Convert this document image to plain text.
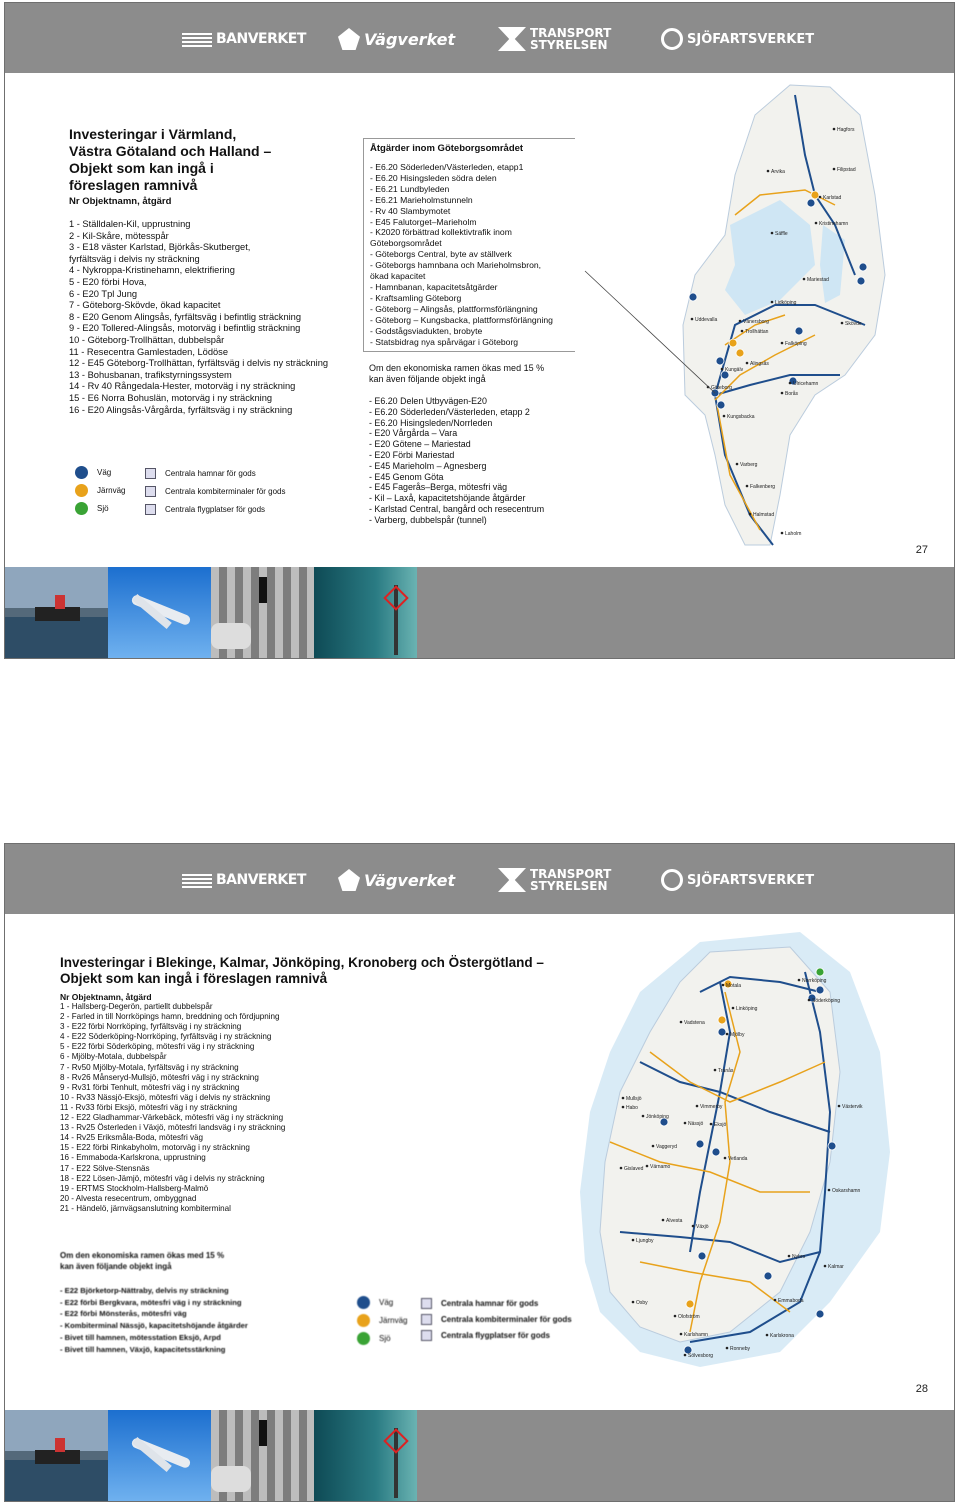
BANVERKET	Vägverket	TRANSPORT STYRELSEN	SJÖFARTSVERKET
Investeringar i Värmland,
Västra Götaland och Halland –
Objekt som kan ingå i
föreslagen ramnivå
Nr Objektnamn, åtgärd
1 - Ställdalen-Kil, upprustning
2 - Kil-Skåre, mötesspår
3 - E18 väster Karlstad, Björkås-Skutberget,
fyrfältsväg i delvis ny sträckning
4 - Nykroppa-Kristinehamn, elektrifiering
5 - E20 förbi Hova,
6 - E20 Tpl Jung
7 - Göteborg-Skövde, ökad kapacitet
8 - E20 Genom Alingsås, fyrfältsväg i befintlig sträckning
9 - E20 Tollered-Alingsås, motorväg i befintlig sträckning
10 - Göteborg-Trollhättan, dubbelspår
11 - Resecentra Gamlestaden, Lödöse
12 - E45 Göteborg-Trollhättan, fyrfältsväg i delvis ny sträckning
13 - Bohusbanan, trafikstyrningssystem
14 - Rv 40 Rångedala-Hester, motorväg i ny sträckning
15 - E6 Norra Bohuslän, motorväg i ny sträckning
16 - E20 Alingsås-Vårgårda, fyrfältsväg i ny sträckning
Åtgärder inom Göteborgsområdet
- E6.20 Söderleden/Västerleden, etapp1
- E6.20 Hisingsleden södra delen
- E6.21 Lundbyleden
- E6.21 Marieholmstunneln
- Rv 40 Slambymotet
- E45 Falutorget–Marieholm
- K2020 förbättrad kollektivtrafik inom
Göteborgsområdet
- Göteborgs Central, byte av ställverk
- Göteborgs hamnbana och Marieholmsbron,
ökad kapacitet
- Hamnbanan, kapacitetsåtgärder
- Kraftsamling Göteborg
- Göteborg – Alingsås, plattformsförlängning
- Göteborg – Kungsbacka, plattformsförlängning
- Godstågsviadukten, brobyte
- Statsbidrag nya spårvägar i Göteborg
Om den ekonomiska ramen ökas med 15 %
kan även följande objekt ingå
- E6.20 Delen Utbyvägen-E20
- E6.20 Söderleden/Västerleden, etapp 2
- E6.20 Hisingsleden/Norrleden
- E20 Vårgårda – Vara
- E20 Götene – Mariestad
- E20 Förbi Mariestad
- E45 Marieholm – Agnesberg
- E45 Genom Göta
- E45 Fagerås–Berga, mötesfri väg
- Kil – Laxå, kapacitetshöjande åtgärder
- Karlstad Central, bangård och resecentrum
- Varberg, dubbelspår (tunnel)
Väg
Järnväg
Sjö
Centrala hamnar för gods
Centrala kombiterminaler för gods
Centrala flygplatser för gods
Hagfors
Arvika	Filipstad
Karlstad
Kristinehamn
Säffle
Mariestad
Lidköping
Skövde
Uddevalla	Vänersborg
Trollhättan
Falköping
Alingsås
Borås
Kungälv
Göteborg
Ulricehamn
Kungsbacka
Varberg
Falkenberg
Halmstad
Laholm
27
BANVERKET	Vägverket	TRANSPORT STYRELSEN	SJÖFARTSVERKET
Investeringar i Blekinge, Kalmar, Jönköping, Kronoberg och Östergötland –
Objekt som kan ingå i föreslagen ramnivå
Nr Objektnamn, åtgärd
1 - Hallsberg-Degerön, partiellt dubbelspår
2 - Farled in till Norrköpings hamn, breddning och fördjupning
3 - E22 förbi Norrköping, fyrfältsväg i ny sträckning
4 - E22 Söderköping-Norrköping, fyrfältsväg i ny sträckning
5 - E22 förbi Söderköping, mötesfri väg i ny sträckning
6 - Mjölby-Motala, dubbelspår
7 - Rv50 Mjölby-Motala, fyrfältsväg i ny sträckning
8 - Rv26 Månseryd-Mullsjö, mötesfri väg i ny sträckning
9 - Rv31 förbi Tenhult, mötesfri väg i ny sträckning
10 - Rv33 Nässjö-Eksjö, mötesfri väg i delvis ny sträckning
11 - Rv33 förbi Eksjö, mötesfri väg i ny sträckning
12 - E22 Gladhammar-Värkebäck, mötesfri väg i ny sträckning
13 - Rv25 Österleden i Växjö, mötesfri landsväg i ny sträckning
14 - Rv25 Eriksmåla-Boda, mötesfri väg
15 - E22 förbi Rinkabyholm, motorväg i ny sträckning
16 - Emmaboda-Karlskrona, upprustning
17 - E22 Sölve-Stensnäs
18 - E22 Lösen-Jämjö, mötesfri väg i delvis ny sträckning
19 - ERTMS Stockholm-Hallsberg-Malmö
20 - Alvesta resecentrum, ombyggnad
21 - Händelö, järnvägsanslutning kombiterminal
Om den ekonomiska ramen ökas med 15 %
kan även följande objekt ingå
- E22 Björketorp-Nättraby, delvis ny sträckning
- E22 förbi Bergkvara, mötesfri väg i ny sträckning
- E22 förbi Mönsterås, mötesfri väg
- Kombiterminal Nässjö, kapacitetshöjande åtgärder
- Bivet till hamnen, mötesstation Eksjö, Arpd
- Bivet till hamnen, Växjö, kapacitetsstärkning
Väg
Järnväg
Sjö
Centrala hamnar för gods
Centrala kombiterminaler för gods
Centrala flygplatser för gods
Motala
Norrköping
Söderköping
Vadstena
Linköping
Mjölby
Tranås
Mullsjö
Habo
Jönköping
Eksjö
Nässjö
Vimmerby	Västervik
Värnamo
Vaggeryd
Gislaved
Vetlanda
Växjö
Oskarshamn
Ljungby
Alvesta
Kalmar
Nybro
Emmaboda
Osby
Olofström
Karlshamn	Karlskrona
Ronneby
Sölvesborg
28
